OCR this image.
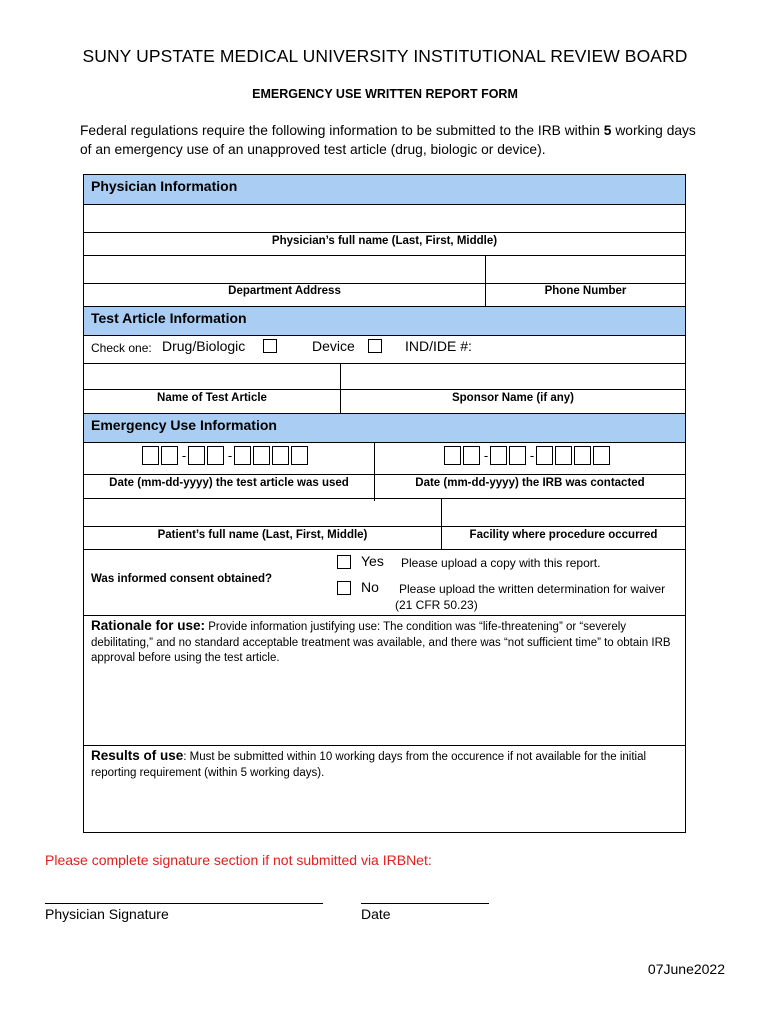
SUNY UPSTATE MEDICAL UNIVERSITY INSTITUTIONAL REVIEW BOARD
EMERGENCY USE WRITTEN REPORT FORM
Federal regulations require the following information to be submitted to the IRB within 5 working days of an emergency use of an unapproved test article (drug, biologic or device).
Physician Information
Physician’s full name (Last, First, Middle)
Department Address	Phone Number
Test Article Information
Check one: Drug/Biologic	Device	IND/IDE #:
Name of Test Article	Sponsor Name (if any)
Emergency Use Information
-	-	-	-
Date (mm-dd-yyyy) the test article was used	Date (mm-dd-yyyy) the IRB was contacted
Patient’s full name (Last, First, Middle)	Facility where procedure occurred
Was informed consent obtained?
Yes Please upload a copy with this report.
No Please upload the written determination for waiver
(21 CFR 50.23)
Rationale for use: Provide information justifying use: The condition was “life-threatening” or “severely debilitating,” and no standard acceptable treatment was available, and there was “not sufficient time” to obtain IRB approval before using the test article.
Results of use: Must be submitted within 10 working days from the occurence if not available for the initial reporting requirement (within 5 working days).
Please complete signature section if not submitted via IRBNet:
Physician Signature	Date
07June2022
